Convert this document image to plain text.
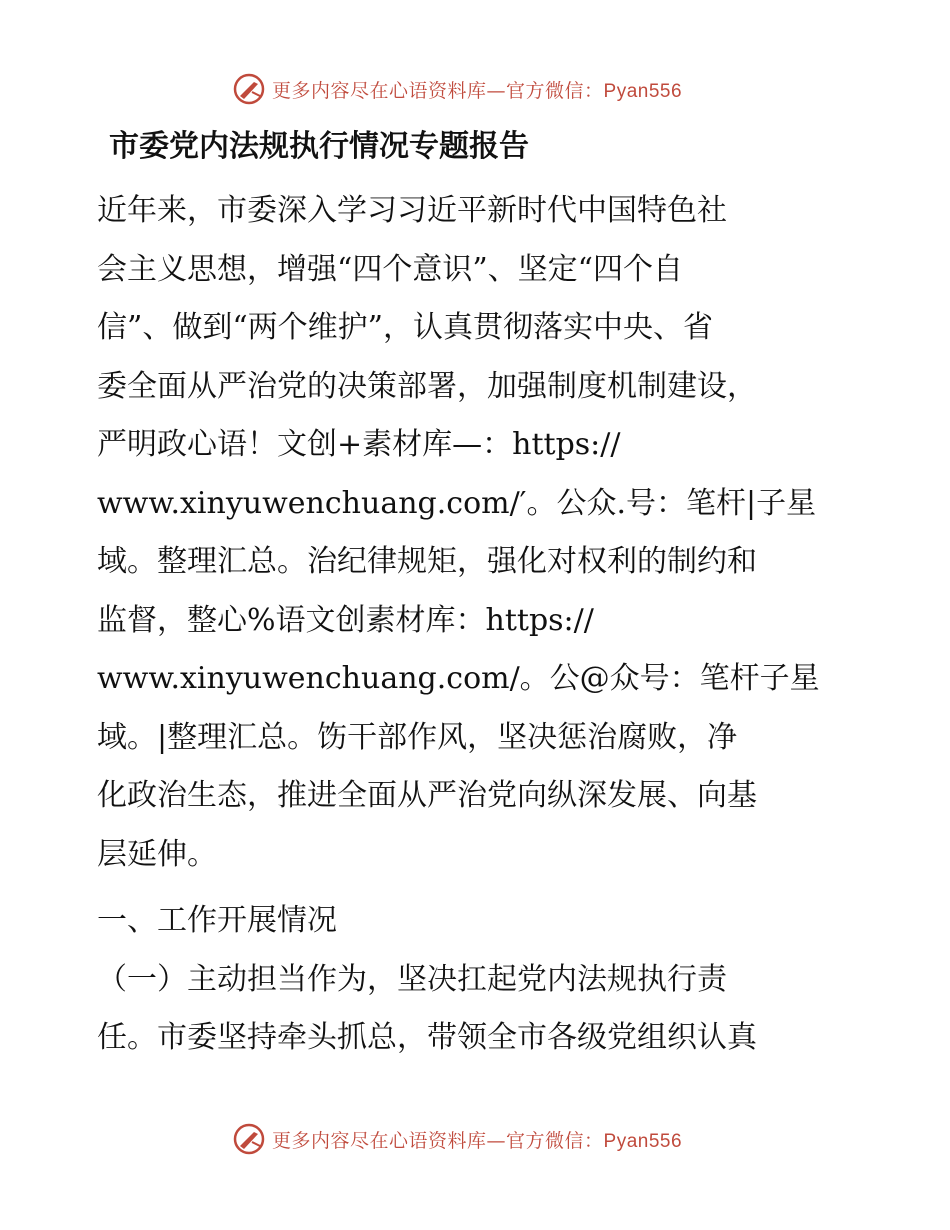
更多内容尽在心语资料库—官方微信：Pyan556
市委党内法规执行情况专题报告
近年来，市委深入学习习近平新时代中国特色社
会主义思想，增强“四个意识”、坚定“四个自
信”、做到“两个维护”，认真贯彻落实中央、省
委全面从严治党的决策部署，加强制度机制建设，
严明政心语！文创+素材库—：https://
www.xinyuwenchuang.com/′。公众.号：笔杆|子星
域。整理汇总。治纪律规矩，强化对权利的制约和
监督，整心%语文创素材库：https://
www.xinyuwenchuang.com/。公@众号：笔杆子星
域。|整理汇总。饬干部作风，坚决惩治腐败，净
化政治生态，推进全面从严治党向纵深发展、向基
层延伸。
一、工作开展情况
（一）主动担当作为，坚决扛起党内法规执行责
任。市委坚持牵头抓总，带领全市各级党组织认真
更多内容尽在心语资料库—官方微信：Pyan556
